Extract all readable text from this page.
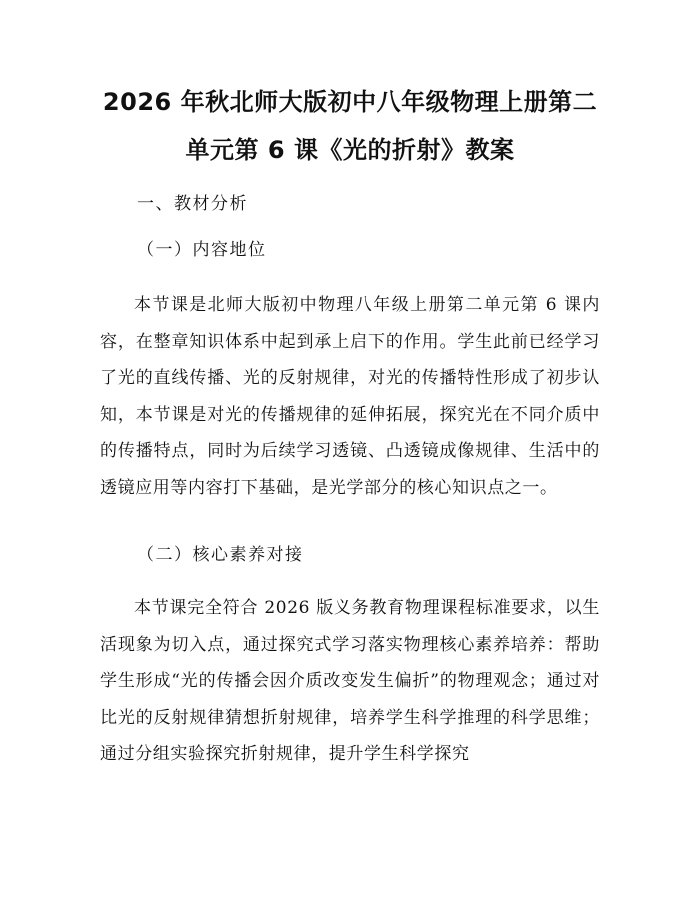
2026 年秋北师大版初中八年级物理上册第二
单元第 6 课《光的折射》教案
一、教材分析
（一）内容地位

本节课是北师大版初中物理八年级上册第二单元第 6 课内容，在整章知识体系中起到承上启下的作用。学生此前已经学习了光的直线传播、光的反射规律，对光的传播特性形成了初步认知，本节课是对光的传播规律的延伸拓展，探究光在不同介质中的传播特点，同时为后续学习透镜、凸透镜成像规律、生活中的透镜应用等内容打下基础，是光学部分的核心知识点之一。

（二）核心素养对接

本节课完全符合 2026 版义务教育物理课程标准要求，以生活现象为切入点，通过探究式学习落实物理核心素养培养：帮助学生形成“光的传播会因介质改变发生偏折”的物理观念；通过对比光的反射规律猜想折射规律，培养学生科学推理的科学思维；通过分组实验探究折射规律，提升学生科学探究
